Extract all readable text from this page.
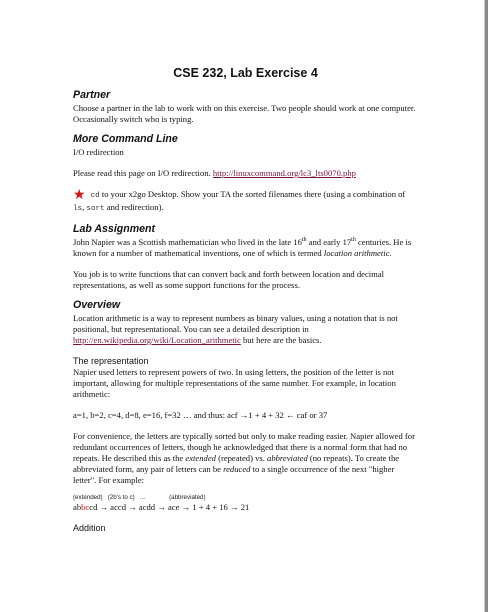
CSE 232, Lab Exercise 4
Partner

Choose a partner in the lab to work with on this exercise. Two people should work at one computer. Occasionally switch who is typing.

More Command Line

I/O redirection

Please read this page on I/O redirection. http://linuxcommand.org/lc3_lts0070.php

★ cd to your x2go Desktop. Show your TA the sorted filenames there (using a combination of ls, sort and redirection).

Lab Assignment

John Napier was a Scottish mathematician who lived in the late 16th and early 17th centuries. He is known for a number of mathematical inventions, one of which is termed location arithmetic.

You job is to write functions that can convert back and forth between location and decimal representations, as well as some support functions for the process.

Overview

Location arithmetic is a way to represent numbers as binary values, using a notation that is not positional, but representational. You can see a detailed description in http://en.wikipedia.org/wiki/Location_arithmetic but here are the basics.

The representation

Napier used letters to represent powers of two. In using letters, the position of the letter is not important, allowing for multiple representations of the same number. For example, in location arithmetic:

a=1, b=2, c=4, d=8, e=16, f=32 … and thus: acf →1 + 4 + 32 ← caf or 37

For convenience, the letters are typically sorted but only to make reading easier. Napier allowed for redundant occurrences of letters, though he acknowledged that there is a normal form that had no repeats. He described this as the extended (repeated) vs. abbreviated (no repeats). To create the abbreviated form, any pair of letters can be reduced to a single occurrence of the next "higher letter". For example:

(extended)   (2b's to c)   ...              (abbreviated)

abbccd → accd → acdd → ace → 1 + 4 + 16 → 21

Addition
